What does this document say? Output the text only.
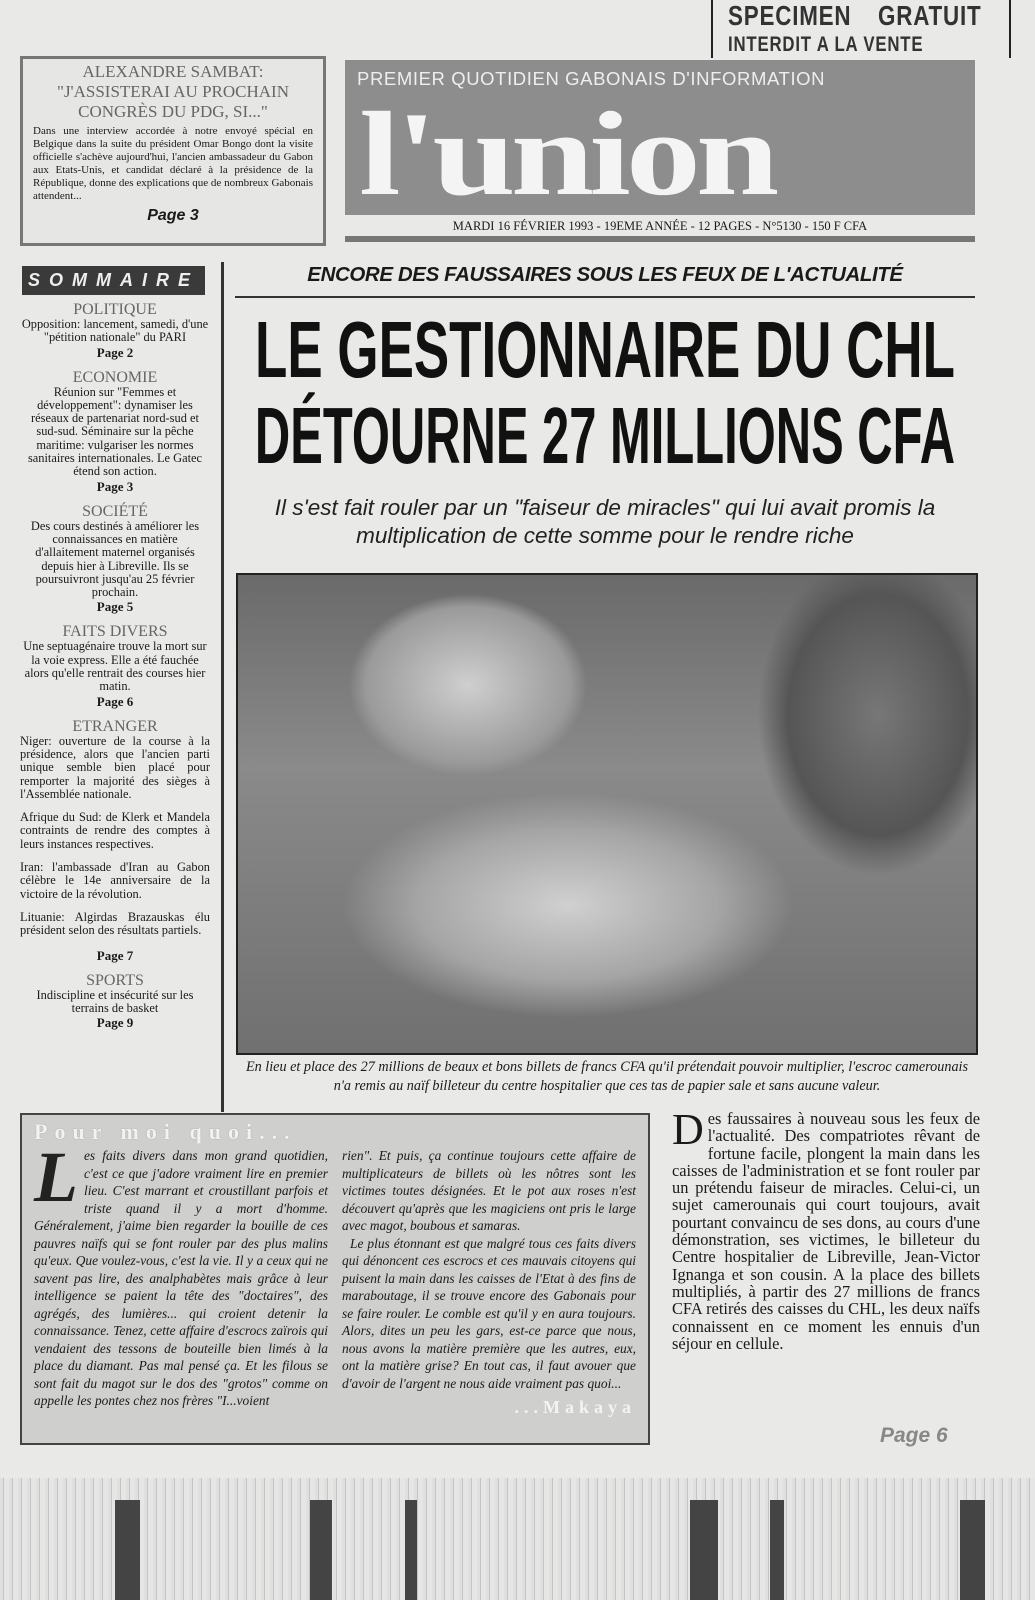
SPECIMEN GRATUIT
INTERDIT A LA VENTE
ALEXANDRE SAMBAT: "J'ASSISTERAI AU PROCHAIN CONGRÈS DU PDG, SI..."
Dans une interview accordée à notre envoyé spécial en Belgique dans la suite du président Omar Bongo dont la visite officielle s'achève aujourd'hui, l'ancien ambassadeur du Gabon aux Etats-Unis, et candidat déclaré à la présidence de la République, donne des explications que de nombreux Gabonais attendent...
Page 3
PREMIER QUOTIDIEN GABONAIS D'INFORMATION
l'union
MARDI 16 FÉVRIER 1993 - 19EME ANNÉE - 12 PAGES - N°5130 - 150 F CFA
SOMMAIRE
POLITIQUE

Opposition: lancement, samedi, d'une "pétition nationale" du PARI

Page 2
ECONOMIE

Réunion sur "Femmes et développement": dynamiser les réseaux de partenariat nord-sud et sud-sud. Séminaire sur la pêche maritime: vulgariser les normes sanitaires internationales. Le Gatec étend son action.

Page 3
SOCIÉTÉ

Des cours destinés à améliorer les connaissances en matière d'allaitement maternel organisés depuis hier à Libreville. Ils se poursuivront jusqu'au 25 février prochain.

Page 5
FAITS DIVERS

Une septuagénaire trouve la mort sur la voie express. Elle a été fauchée alors qu'elle rentrait des courses hier matin.

Page 6
ETRANGER

Niger: ouverture de la course à la présidence, alors que l'ancien parti unique semble bien placé pour remporter la majorité des sièges à l'Assemblée nationale.

Afrique du Sud: de Klerk et Mandela contraints de rendre des comptes à leurs instances respectives.

Iran: l'ambassade d'Iran au Gabon célèbre le 14e anniversaire de la victoire de la révolution.

Lituanie: Algirdas Brazauskas élu président selon des résultats partiels.

Page 7
SPORTS

Indiscipline et insécurité sur les terrains de basket

Page 9
ENCORE DES FAUSSAIRES SOUS LES FEUX DE L'ACTUALITÉ
LE GESTIONNAIRE DU CHL
DÉTOURNE 27 MILLIONS CFA
Il s'est fait rouler par un "faiseur de miracles" qui lui avait promis la multiplication de cette somme pour le rendre riche
En lieu et place des 27 millions de beaux et bons billets de francs CFA qu'il prétendait pouvoir multiplier, l'escroc camerounais n'a remis au naïf billeteur du centre hospitalier que ces tas de papier sale et sans aucune valeur.
Pour moi quoi...
Les faits divers dans mon grand quotidien, c'est ce que j'adore vraiment lire en premier lieu. C'est marrant et croustillant parfois et triste quand il y a mort d'homme. Généralement, j'aime bien regarder la bouille de ces pauvres naïfs qui se font rouler par des plus malins qu'eux. Que voulez-vous, c'est la vie. Il y a ceux qui ne savent pas lire, des analphabètes mais grâce à leur intelligence se paient la tête des "doctaires", des agrégés, des lumières... qui croient detenir la connaissance. Tenez, cette affaire d'escrocs zaïrois qui vendaient des tessons de bouteille bien limés à la place du diamant. Pas mal pensé ça. Et les filous se sont fait du magot sur le dos des "grotos" comme on appelle les pontes chez nos frères "I...voient

rien". Et puis, ça continue toujours cette affaire de multiplicateurs de billets où les nôtres sont les victimes toutes désignées. Et le pot aux roses n'est découvert qu'après que les magiciens ont pris le large avec magot, boubous et samaras.

Le plus étonnant est que malgré tous ces faits divers qui dénoncent ces escrocs et ces mauvais citoyens qui puisent la main dans les caisses de l'Etat à des fins de maraboutage, il se trouve encore des Gabonais pour se faire rouler. Le comble est qu'il y en aura toujours. Alors, dites un peu les gars, est-ce parce que nous, nous avons la matière première que les autres, eux, ont la matière grise? En tout cas, il faut avouer que d'avoir de l'argent ne nous aide vraiment pas quoi...

...Makaya
Des faussaires à nouveau sous les feux de l'actualité. Des compatriotes rêvant de fortune facile, plongent la main dans les caisses de l'administration et se font rouler par un prétendu faiseur de miracles. Celui-ci, un sujet camerounais qui court toujours, avait pourtant convaincu de ses dons, au cours d'une démonstration, ses victimes, le billeteur du Centre hospitalier de Libreville, Jean-Victor Ignanga et son cousin. A la place des billets multipliés, à partir des 27 millions de francs CFA retirés des caisses du CHL, les deux naïfs connaissent en ce moment les ennuis d'un séjour en cellule.
Page 6
